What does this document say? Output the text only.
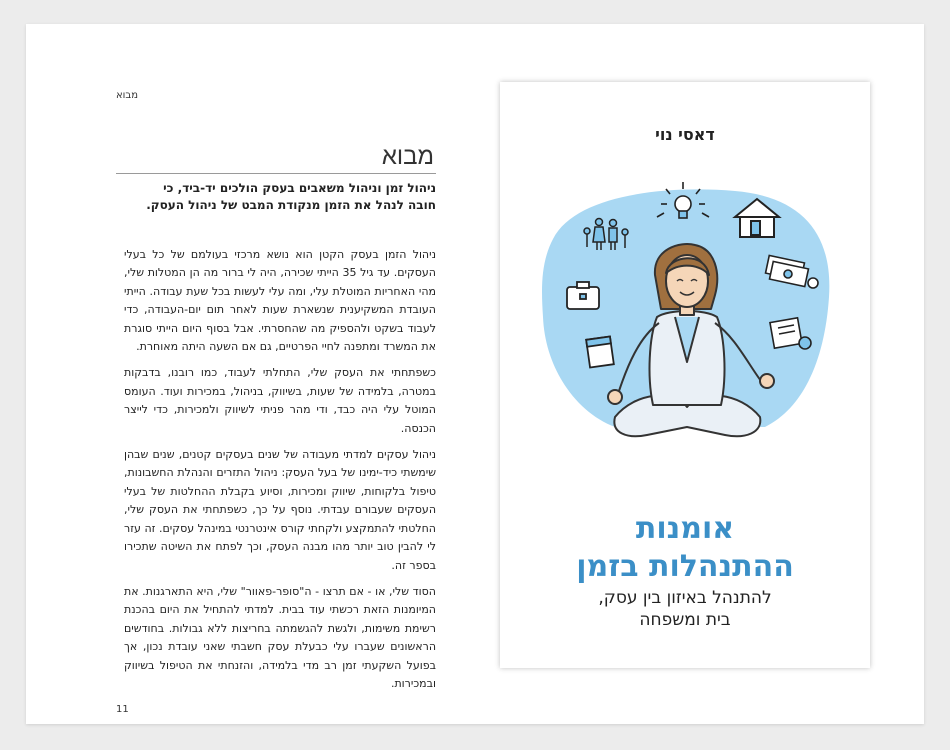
מבוא
מבוא
ניהול זמן וניהול משאבים בעסק הולכים יד-ביד, כי
חובה לנהל את הזמן מנקודת המבט של ניהול העסק.

ניהול הזמן בעסק הקטן הוא נושא מרכזי בעולמם של כל בעלי העסקים. עד גיל 35 הייתי שכירה, היה לי ברור מה הן המטלות שלי, מהי האחריות המוטלת עלי, ומה עלי לעשות בכל שעת עבודה. הייתי העובדת המשקיענית שנשארת שעות לאחר תום יום-העבודה, כדי לעבוד בשקט ולהספיק מה שהחסרתי. אבל בסוף היום הייתי סוגרת את המשרד ומתפנה לחיי הפרטיים, גם אם השעה היתה מאוחרת.

כשפתחתי את העסק שלי, התחלתי לעבוד, כמו רובנו, בדבקות במטרה, בלמידה של שעות, בשיווק, בניהול, במכירות ועוד. העומס המוטל עלי היה כבד, ודי מהר פניתי לשיווק ולמכירות, כדי לייצר הכנסה.

ניהול עסקים למדתי מעבודה של שנים בעסקים קטנים, שנים שבהן שימשתי כיד-ימינו של בעל העסק: ניהול התזרים והנהלת החשבונות, טיפול בלקוחות, שיווק ומכירות, וסיוע בקבלת ההחלטות של בעלי העסקים שעבורם עבדתי. נוסף על כך, כשפתחתי את העסק שלי, החלטתי להתמקצע ולקחתי קורס אינטרנטי במינהל עסקים. זה עזר לי להבין טוב יותר מהו מבנה העסק, וכך לפתח את השיטה שתכירו בספר זה.

הסוד שלי, או - אם תרצו - ה"סופר-פאוור" שלי, היא התארגנות. את המיומנות הזאת רכשתי עוד בבית. למדתי להתחיל את היום בהכנת רשימת משימות, ולגשת להגשמתה בחריצות ללא גבולות. בחודשים הראשונים שעברו עלי כבעלת עסק חשבתי שאני עובדת נכון, אך בפועל השקעתי זמן רב מדי בלמידה, והזנחתי את הטיפול בשיווק ובמכירות.

11
דאסי נוי
אומנות
ההתנהלות בזמן
להתנהל באיזון בין עסק,
בית ומשפחה
